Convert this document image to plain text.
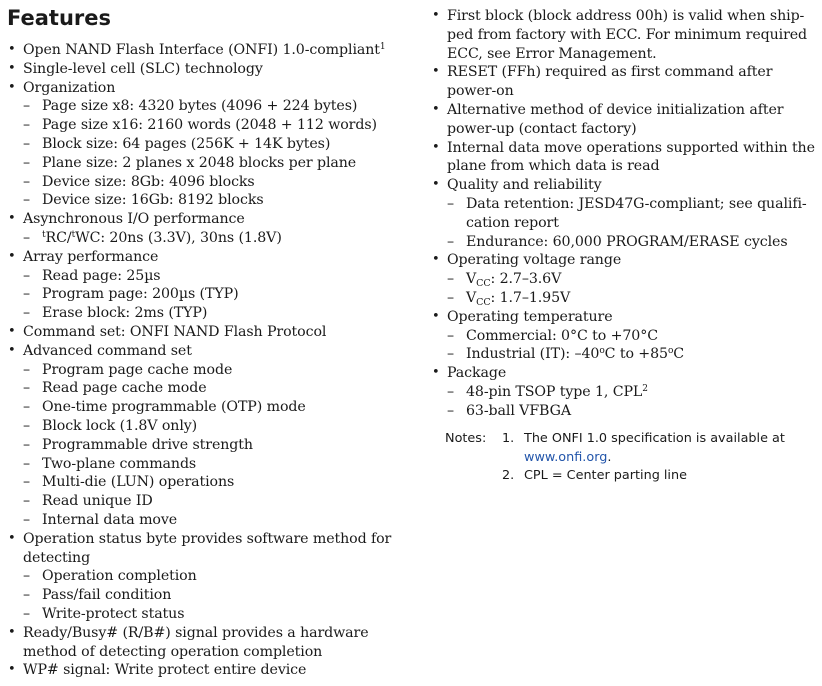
Features
• Open NAND Flash Interface (ONFI) 1.0-compliant$^1$
• Single-level cell (SLC) technology
• Organization
– Page size x8: 4320 bytes (4096 + 224 bytes)
– Page size x16: 2160 words (2048 + 112 words)
– Block size: 64 pages (256K + 14K bytes)
– Plane size: 2 planes x 2048 blocks per plane
– Device size: 8Gb: 4096 blocks
– Device size: 16Gb: 8192 blocks
• Asynchronous I/O performance
– $^t$RC/$^t$WC: 20ns (3.3V), 30ns (1.8V)
• Array performance
– Read page: 25µs
– Program page: 200µs (TYP)
– Erase block: 2ms (TYP)
• Command set: ONFI NAND Flash Protocol
• Advanced command set
– Program page cache mode
– Read page cache mode
– One-time programmable (OTP) mode
– Block lock (1.8V only)
– Programmable drive strength
– Two-plane commands
– Multi-die (LUN) operations
– Read unique ID
– Internal data move
• Operation status byte provides software method for
detecting
– Operation completion
– Pass/fail condition
– Write-protect status
• Ready/Busy# (R/B#) signal provides a hardware
method of detecting operation completion
• WP# signal: Write protect entire device
• First block (block address 00h) is valid when ship-
ped from factory with ECC. For minimum required
ECC, see Error Management.
• RESET (FFh) required as first command after
power-on
• Alternative method of device initialization after
power-up (contact factory)
• Internal data move operations supported within the
plane from which data is read
• Quality and reliability
– Data retention: JESD47G-compliant; see qualifi-
cation report
– Endurance: 60,000 PROGRAM/ERASE cycles
• Operating voltage range
– $V_{CC}$: 2.7–3.6V
– $V_{CC}$: 1.7–1.95V
• Operating temperature
– Commercial: 0°C to +70°C
– Industrial (IT): –40$^o$C to $+85^oC$
• Package
– 48-pin TSOP type 1, CPL$^2$
– 63-ball VFBGA
Notes: 1. The ONFI 1.0 specification is available at
www.onfi.org.
2. CPL = Center parting line
